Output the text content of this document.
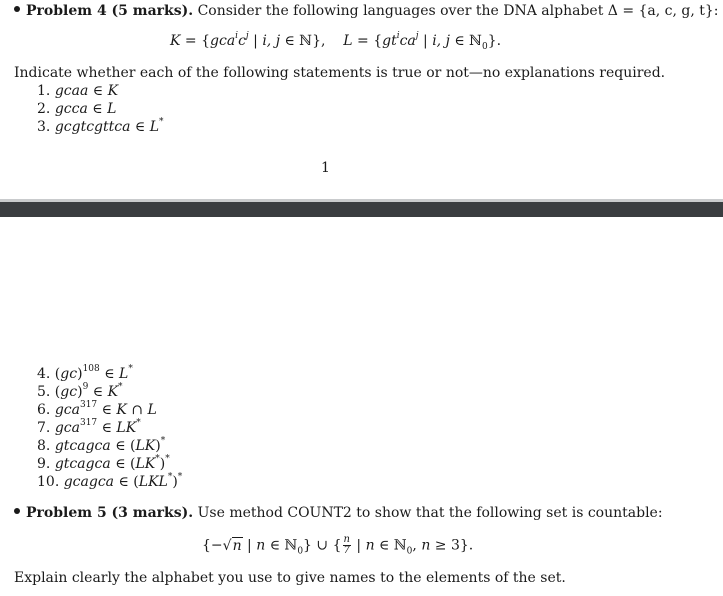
Problem 4 (5 marks). Consider the following languages over the DNA alphabet Δ = {a, c, g, t}:
$K = \{gca^ic^j$ | i, j ∈ ℕ},    $L = \{gt^ica^j$ | i, j ∈ ℕ$_0$}.
Indicate whether each of the following statements is true or not—no explanations required.
1. gcaa ∈ K
2. gcca ∈ L
3. gcgtcgttca ∈ L*
1
4. (gc)$^{108}$ ∈ L*
5. (gc)$^9$ ∈ K*
6. gca$^{317}$ ∈ K ∩ L
7. gca$^{317}$ ∈ LK*
8. gtcagca ∈ (LK)*
9. gtcagca ∈ (LK*)*
10. gcagca ∈ (LKL*)*
Problem 5 (3 marks). Use method COUNT2 to show that the following set is countable:
{−√n | n ∈ ℕ$_0$} ∪ { $\frac{n}{7}$ | n ∈ ℕ$_0$, n ≥ 3}.
Explain clearly the alphabet you use to give names to the elements of the set.
